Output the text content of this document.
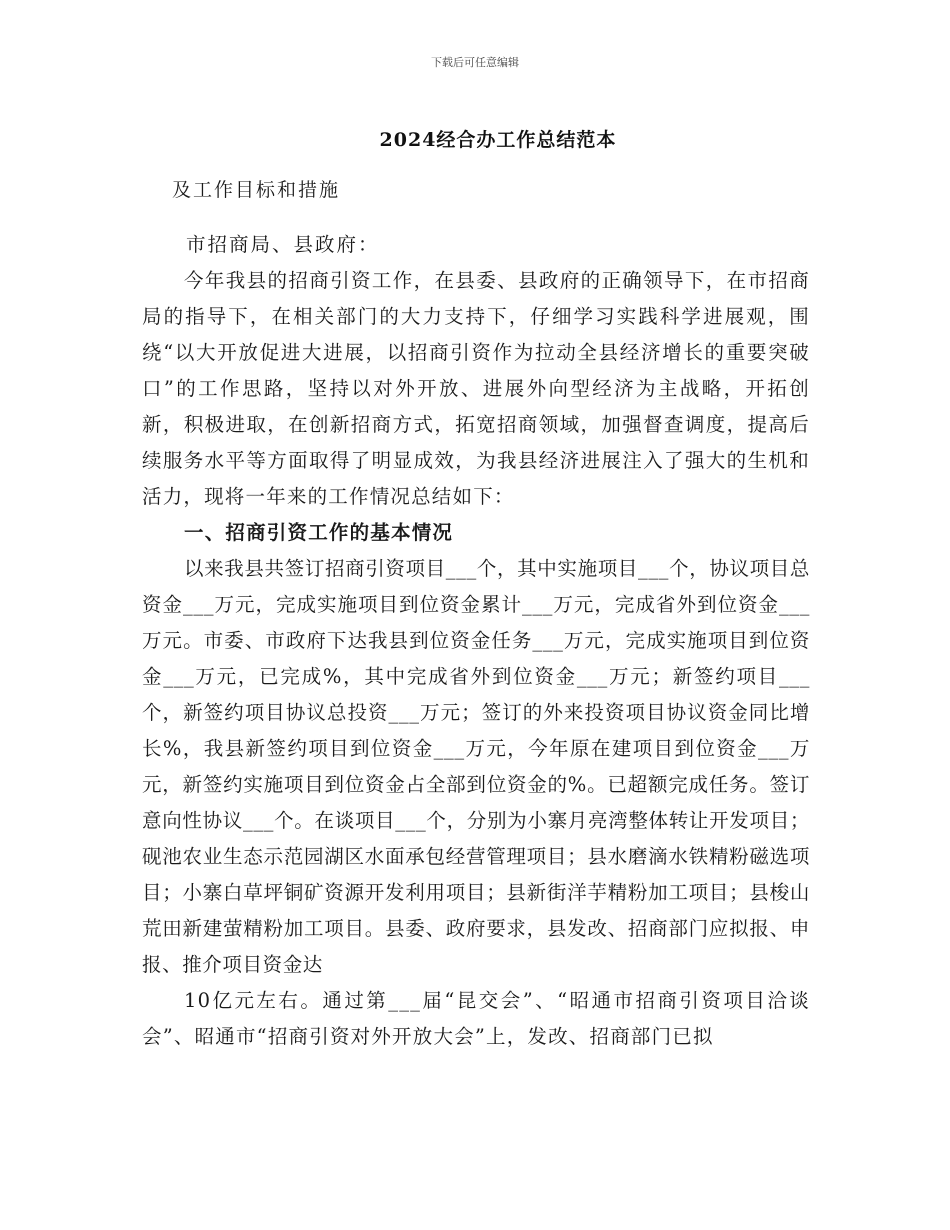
下载后可任意编辑
2024经合办工作总结范本
及工作目标和措施

市招商局、县政府：

今年我县的招商引资工作，在县委、县政府的正确领导下，在市招商局的指导下，在相关部门的大力支持下，仔细学习实践科学进展观，围绕“以大开放促进大进展，以招商引资作为拉动全县经济增长的重要突破口”的工作思路，坚持以对外开放、进展外向型经济为主战略，开拓创新，积极进取，在创新招商方式，拓宽招商领域，加强督查调度，提高后续服务水平等方面取得了明显成效，为我县经济进展注入了强大的生机和活力，现将一年来的工作情况总结如下：

一、招商引资工作的基本情况

以来我县共签订招商引资项目___个，其中实施项目___个，协议项目总资金___万元，完成实施项目到位资金累计___万元，完成省外到位资金___万元。市委、市政府下达我县到位资金任务___万元，完成实施项目到位资金___万元，已完成%，其中完成省外到位资金___万元；新签约项目___个，新签约项目协议总投资___万元；签订的外来投资项目协议资金同比增长%，我县新签约项目到位资金___万元，今年原在建项目到位资金___万元，新签约实施项目到位资金占全部到位资金的%。已超额完成任务。签订意向性协议___个。在谈项目___个，分别为小寨月亮湾整体转让开发项目；砚池农业生态示范园湖区水面承包经营管理项目；县水磨滴水铁精粉磁选项目；小寨白草坪铜矿资源开发利用项目；县新街洋芋精粉加工项目；县梭山荒田新建萤精粉加工项目。县委、政府要求，县发改、招商部门应拟报、申报、推介项目资金达

10亿元左右。通过第___届“昆交会”、“昭通市招商引资项目洽谈会”、昭通市“招商引资对外开放大会”上，发改、招商部门已拟
